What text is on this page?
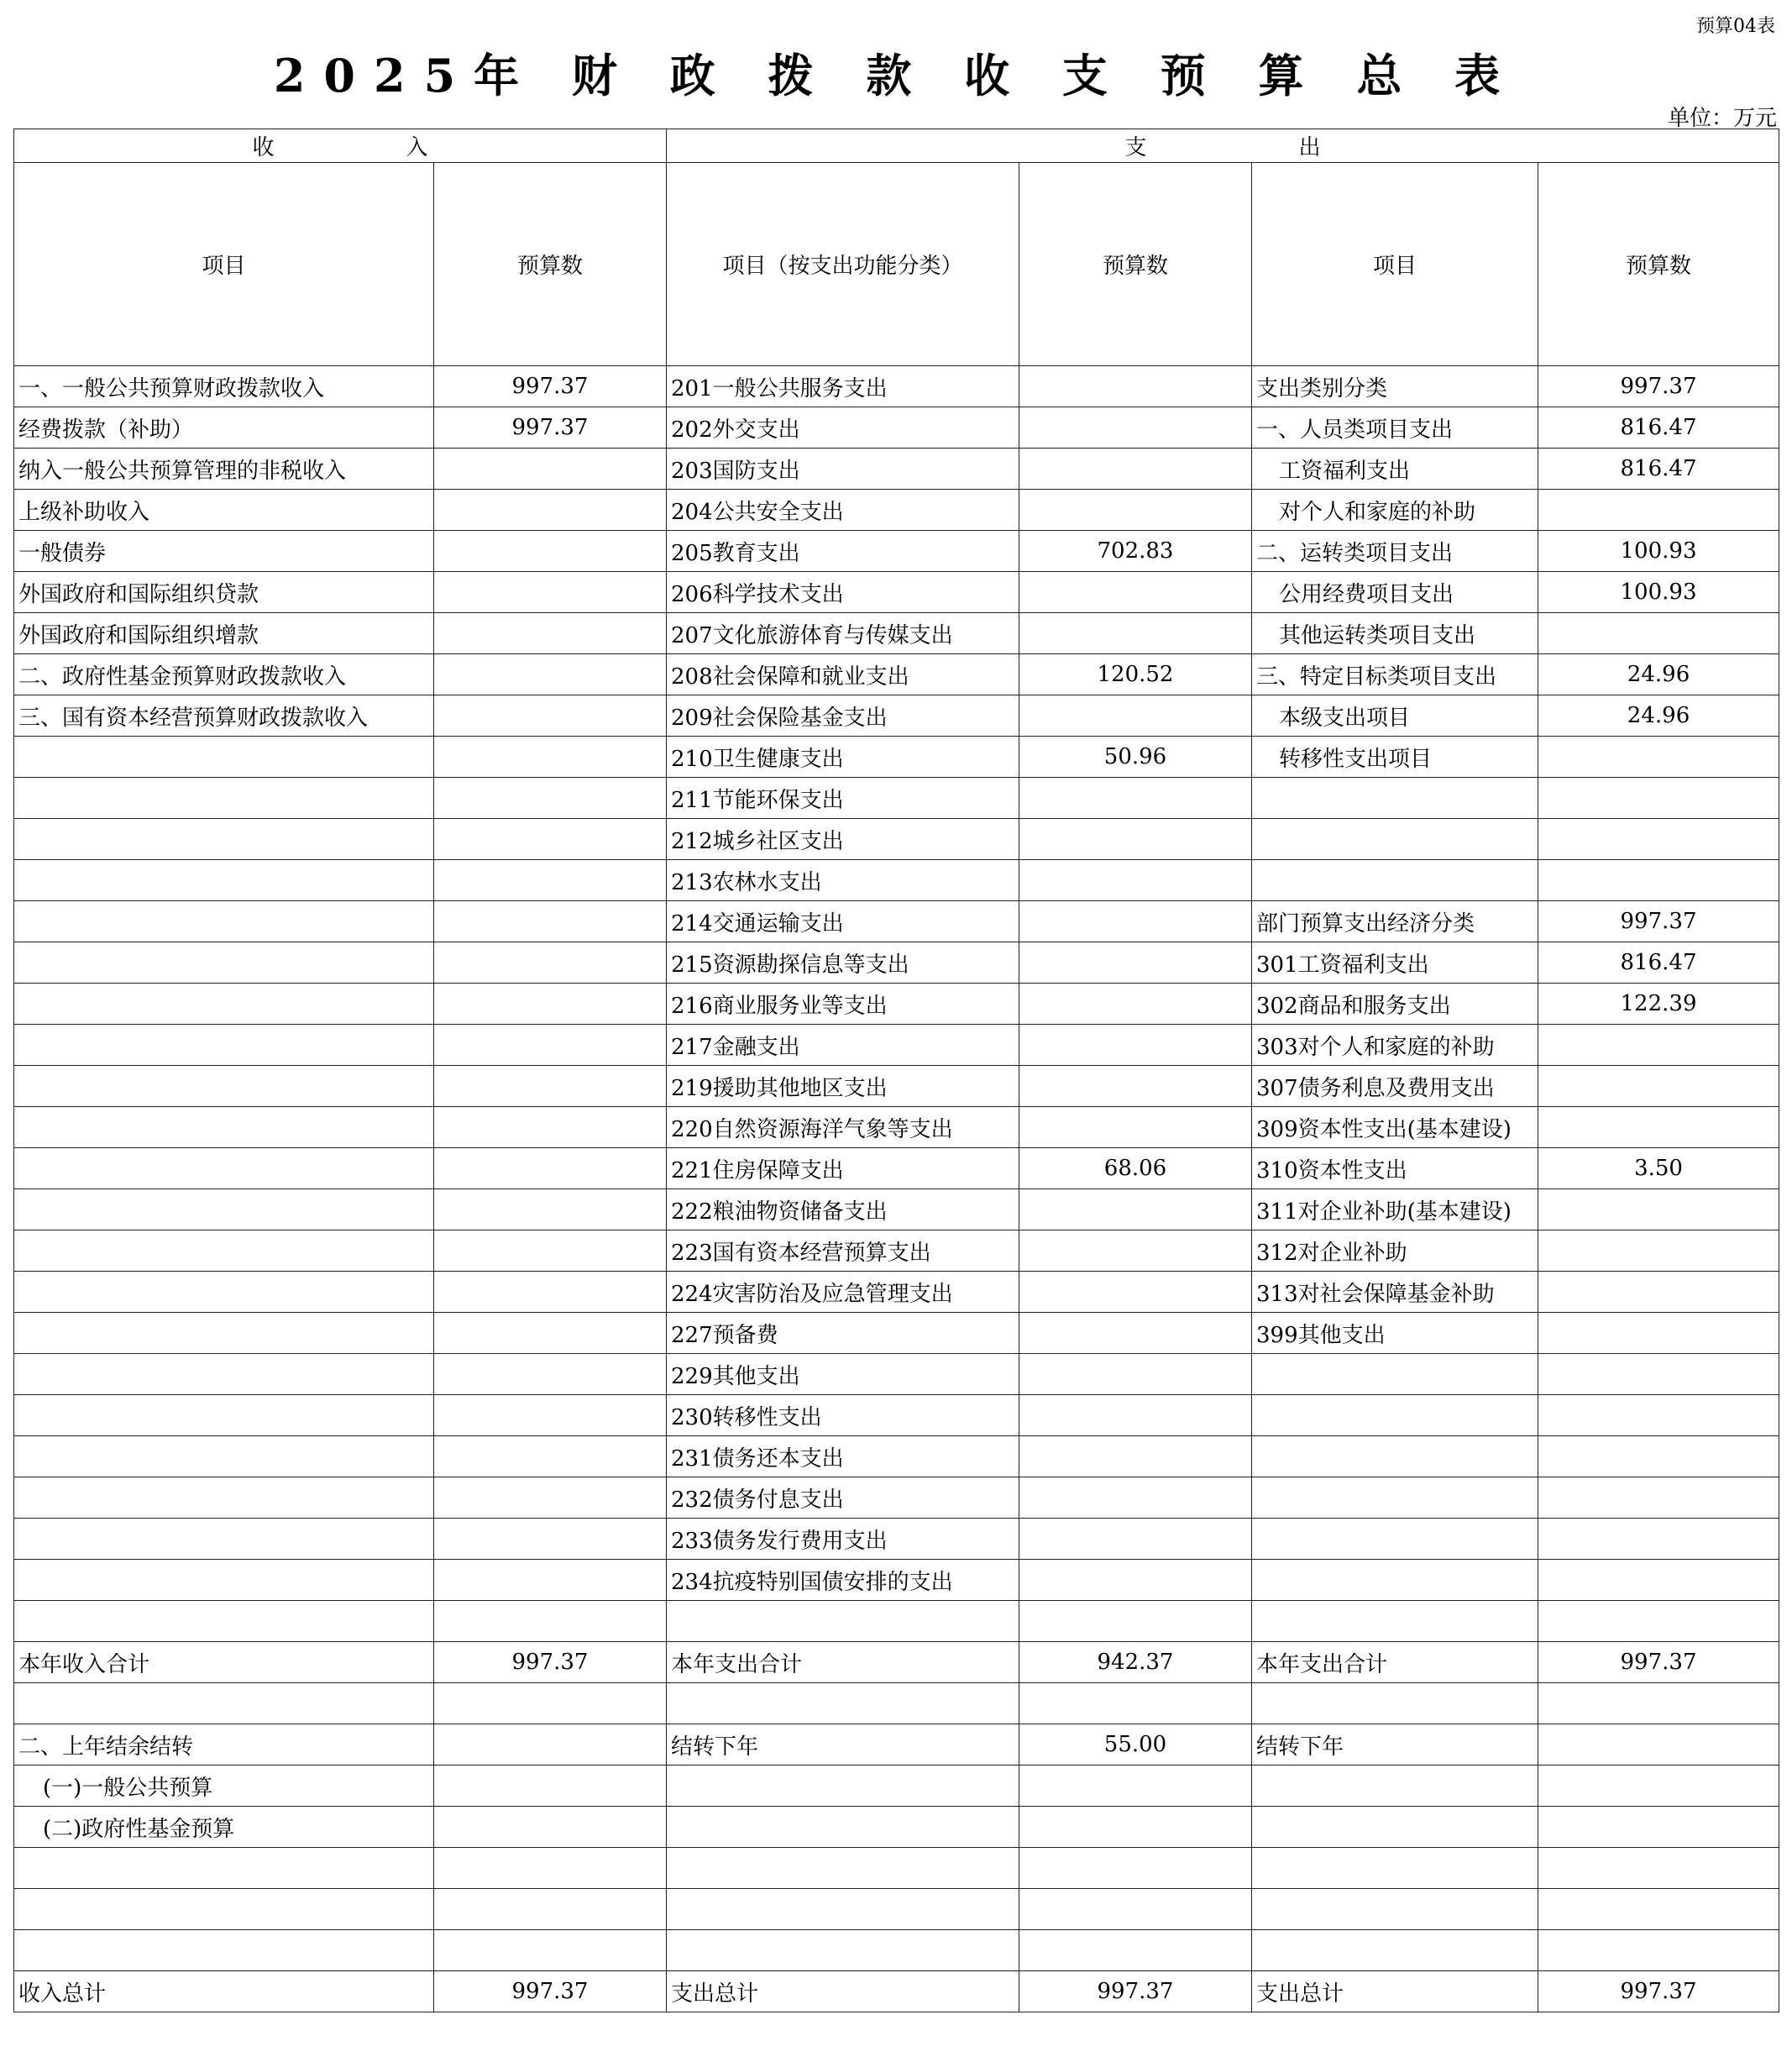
预算04表
2025年 财 政 拨 款 收 支 预 算 总 表
单位：万元
收 入		支 出			

项目	预算数	项目（按支出功能分类）	预算数	项目	预算数
一、一般公共预算财政拨款收入	997.37	201一般公共服务支出		支出类别分类	997.37
经费拨款（补助）	997.37	202外交支出		一、人员类项目支出	816.47
纳入一般公共预算管理的非税收入		203国防支出		工资福利支出	816.47
上级补助收入		204公共安全支出		对个人和家庭的补助	
一般债券		205教育支出	702.83	二、运转类项目支出	100.93
外国政府和国际组织贷款		206科学技术支出		公用经费项目支出	100.93
外国政府和国际组织增款		207文化旅游体育与传媒支出		其他运转类项目支出	
二、政府性基金预算财政拨款收入		208社会保障和就业支出	120.52	三、特定目标类项目支出	24.96
三、国有资本经营预算财政拨款收入		209社会保险基金支出		本级支出项目	24.96
		210卫生健康支出	50.96	转移性支出项目	
		211节能环保支出			
		212城乡社区支出			
		213农林水支出			
		214交通运输支出		部门预算支出经济分类	997.37
		215资源勘探信息等支出		301工资福利支出	816.47
		216商业服务业等支出		302商品和服务支出	122.39
		217金融支出		303对个人和家庭的补助	
		219援助其他地区支出		307债务利息及费用支出	
		220自然资源海洋气象等支出		309资本性支出(基本建设)	
		221住房保障支出	68.06	310资本性支出	3.50
		222粮油物资储备支出		311对企业补助(基本建设)	
		223国有资本经营预算支出		312对企业补助	
		224灾害防治及应急管理支出		313对社会保障基金补助	
		227预备费		399其他支出	
		229其他支出			
		230转移性支出			
		231债务还本支出			
		232债务付息支出			
		233债务发行费用支出			
		234抗疫特别国债安排的支出			

本年收入合计	997.37	本年支出合计	942.37	本年支出合计	997.37

二、上年结余结转		结转下年	55.00	结转下年	
(一)一般公共预算					
(二)政府性基金预算					

收入总计	997.37	支出总计	997.37	支出总计	997.37
